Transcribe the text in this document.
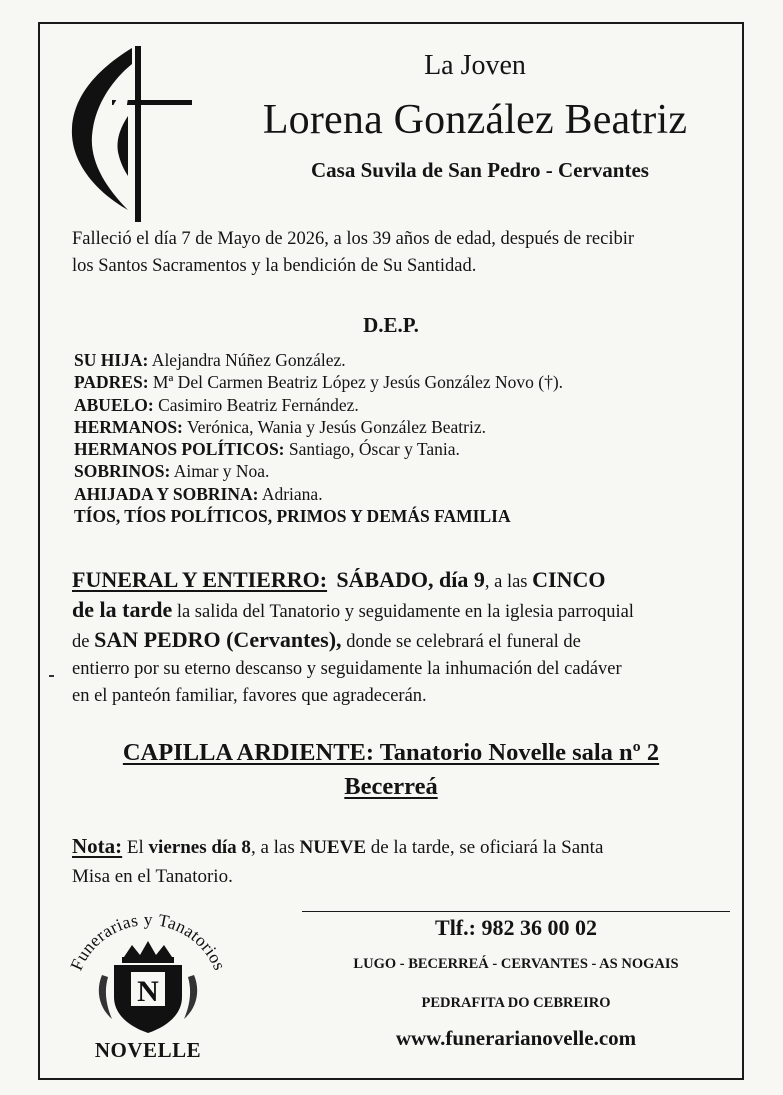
La Joven
Lorena González Beatriz
Casa Suvila de San Pedro - Cervantes
Falleció el día 7 de Mayo de 2026, a los 39 años de edad, después de recibir
los Santos Sacramentos y la bendición de Su Santidad.
D.E.P.
SU HIJA: Alejandra Núñez González.
PADRES: Mª Del Carmen Beatriz López y Jesús González Novo (†).
ABUELO: Casimiro Beatriz Fernández.
HERMANOS: Verónica, Wania y Jesús González Beatriz.
HERMANOS POLÍTICOS: Santiago, Óscar y Tania.
SOBRINOS: Aimar y Noa.
AHIJADA Y SOBRINA: Adriana.
TÍOS, TÍOS POLÍTICOS, PRIMOS Y DEMÁS FAMILIA
FUNERAL Y ENTIERRO: SÁBADO, día 9, a las CINCO
de la tarde la salida del Tanatorio y seguidamente en la iglesia parroquial
de SAN PEDRO (Cervantes), donde se celebrará el funeral de
entierro por su eterno descanso y seguidamente la inhumación del cadáver
en el panteón familiar, favores que agradecerán.
CAPILLA ARDIENTE: Tanatorio Novelle sala nº 2
Becerreá
Nota: El viernes día 8, a las NUEVE de la tarde, se oficiará la Santa
Misa en el Tanatorio.
Funerarias y Tanatorios
N
NOVELLE
Tlf.: 982 36 00 02
LUGO - BECERREÁ - CERVANTES - AS NOGAIS
PEDRAFITA DO CEBREIRO
www.funerarianovelle.com
